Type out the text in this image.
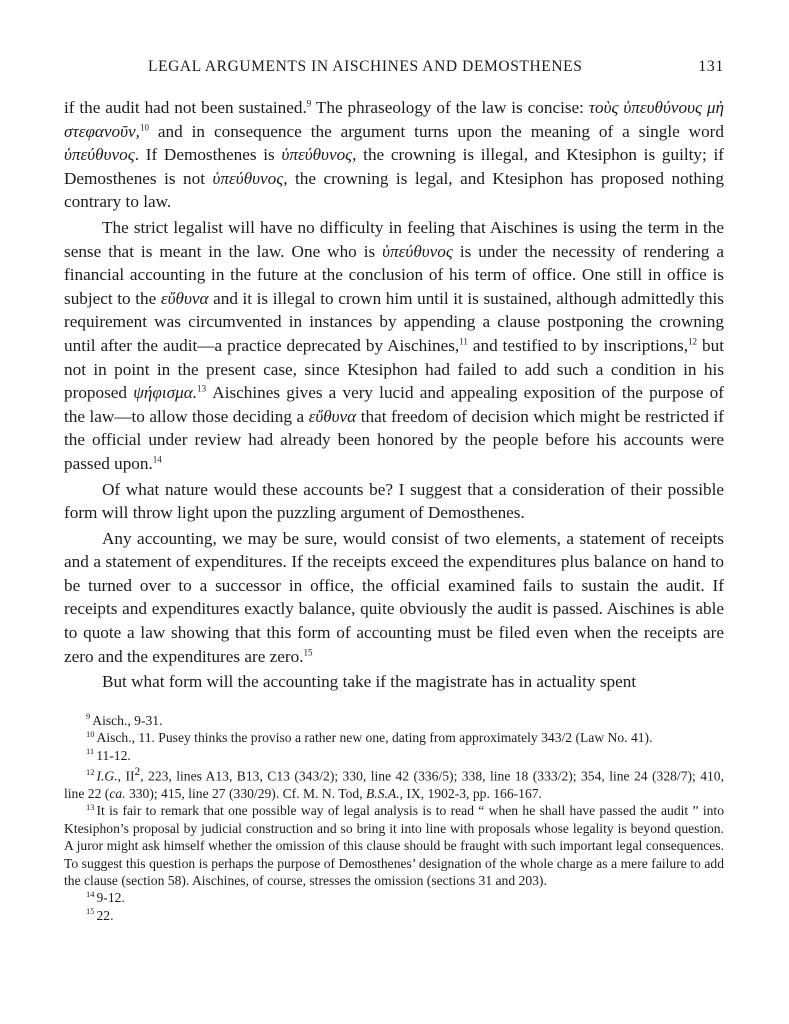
LEGAL ARGUMENTS IN AISCHINES AND DEMOSTHENES	131

if the audit had not been sustained.$^9$ The phraseology of the law is concise: τοὺς ὑπευθύνους μὴ στεφανοῦν,$^{10}$ and in consequence the argument turns upon the meaning of a single word ὑπεύθυνος. If Demosthenes is ὑπεύθυνος, the crowning is illegal, and Ktesiphon is guilty; if Demosthenes is not ὑπεύθυνος, the crowning is legal, and Ktesiphon has proposed nothing contrary to law.

The strict legalist will have no difficulty in feeling that Aischines is using the term in the sense that is meant in the law. One who is ὑπεύθυνος is under the necessity of rendering a financial accounting in the future at the conclusion of his term of office. One still in office is subject to the εὔθυνα and it is illegal to crown him until it is sustained, although admittedly this requirement was circumvented in instances by appending a clause postponing the crowning until after the audit—a practice deprecated by Aischines,$^{11}$ and testified to by inscriptions,$^{12}$ but not in point in the present case, since Ktesiphon had failed to add such a condition in his proposed ψήφισμα.$^{13}$ Aischines gives a very lucid and appealing exposition of the purpose of the law—to allow those deciding a εὔθυνα that freedom of decision which might be restricted if the official under review had already been honored by the people before his accounts were passed upon.$^{14}$

Of what nature would these accounts be? I suggest that a consideration of their possible form will throw light upon the puzzling argument of Demosthenes.

Any accounting, we may be sure, would consist of two elements, a statement of receipts and a statement of expenditures. If the receipts exceed the expenditures plus balance on hand to be turned over to a successor in office, the official examined fails to sustain the audit. If receipts and expenditures exactly balance, quite obviously the audit is passed. Aischines is able to quote a law showing that this form of accounting must be filed even when the receipts are zero and the expenditures are zero.$^{15}$

But what form will the accounting take if the magistrate has in actuality spent

$^9$ Aisch., 9-31.

$^{10}$ Aisch., 11. Pusey thinks the proviso a rather new one, dating from approximately 343/2 (Law No. 41).

$^{11}$ 11-12.

$^{12}$ I.G., $II^2$, 223, lines A13, B13, C13 (343/2); 330, line 42 (336/5); 338, line 18 (333/2); 354, line 24 (328/7); 410, line 22 (ca. 330); 415, line 27 (330/29). Cf. M. N. Tod, B.S.A., IX, 1902-3, pp. 166-167.

$^{13}$ It is fair to remark that one possible way of legal analysis is to read “ when he shall have passed the audit ” into Ktesiphon’s proposal by judicial construction and so bring it into line with proposals whose legality is beyond question. A juror might ask himself whether the omission of this clause should be fraught with such important legal consequences. To suggest this question is perhaps the purpose of Demosthenes’ designation of the whole charge as a mere failure to add the clause (section 58). Aischines, of course, stresses the omission (sections 31 and 203).

$^{14}$ 9-12.

$^{15}$ 22.
